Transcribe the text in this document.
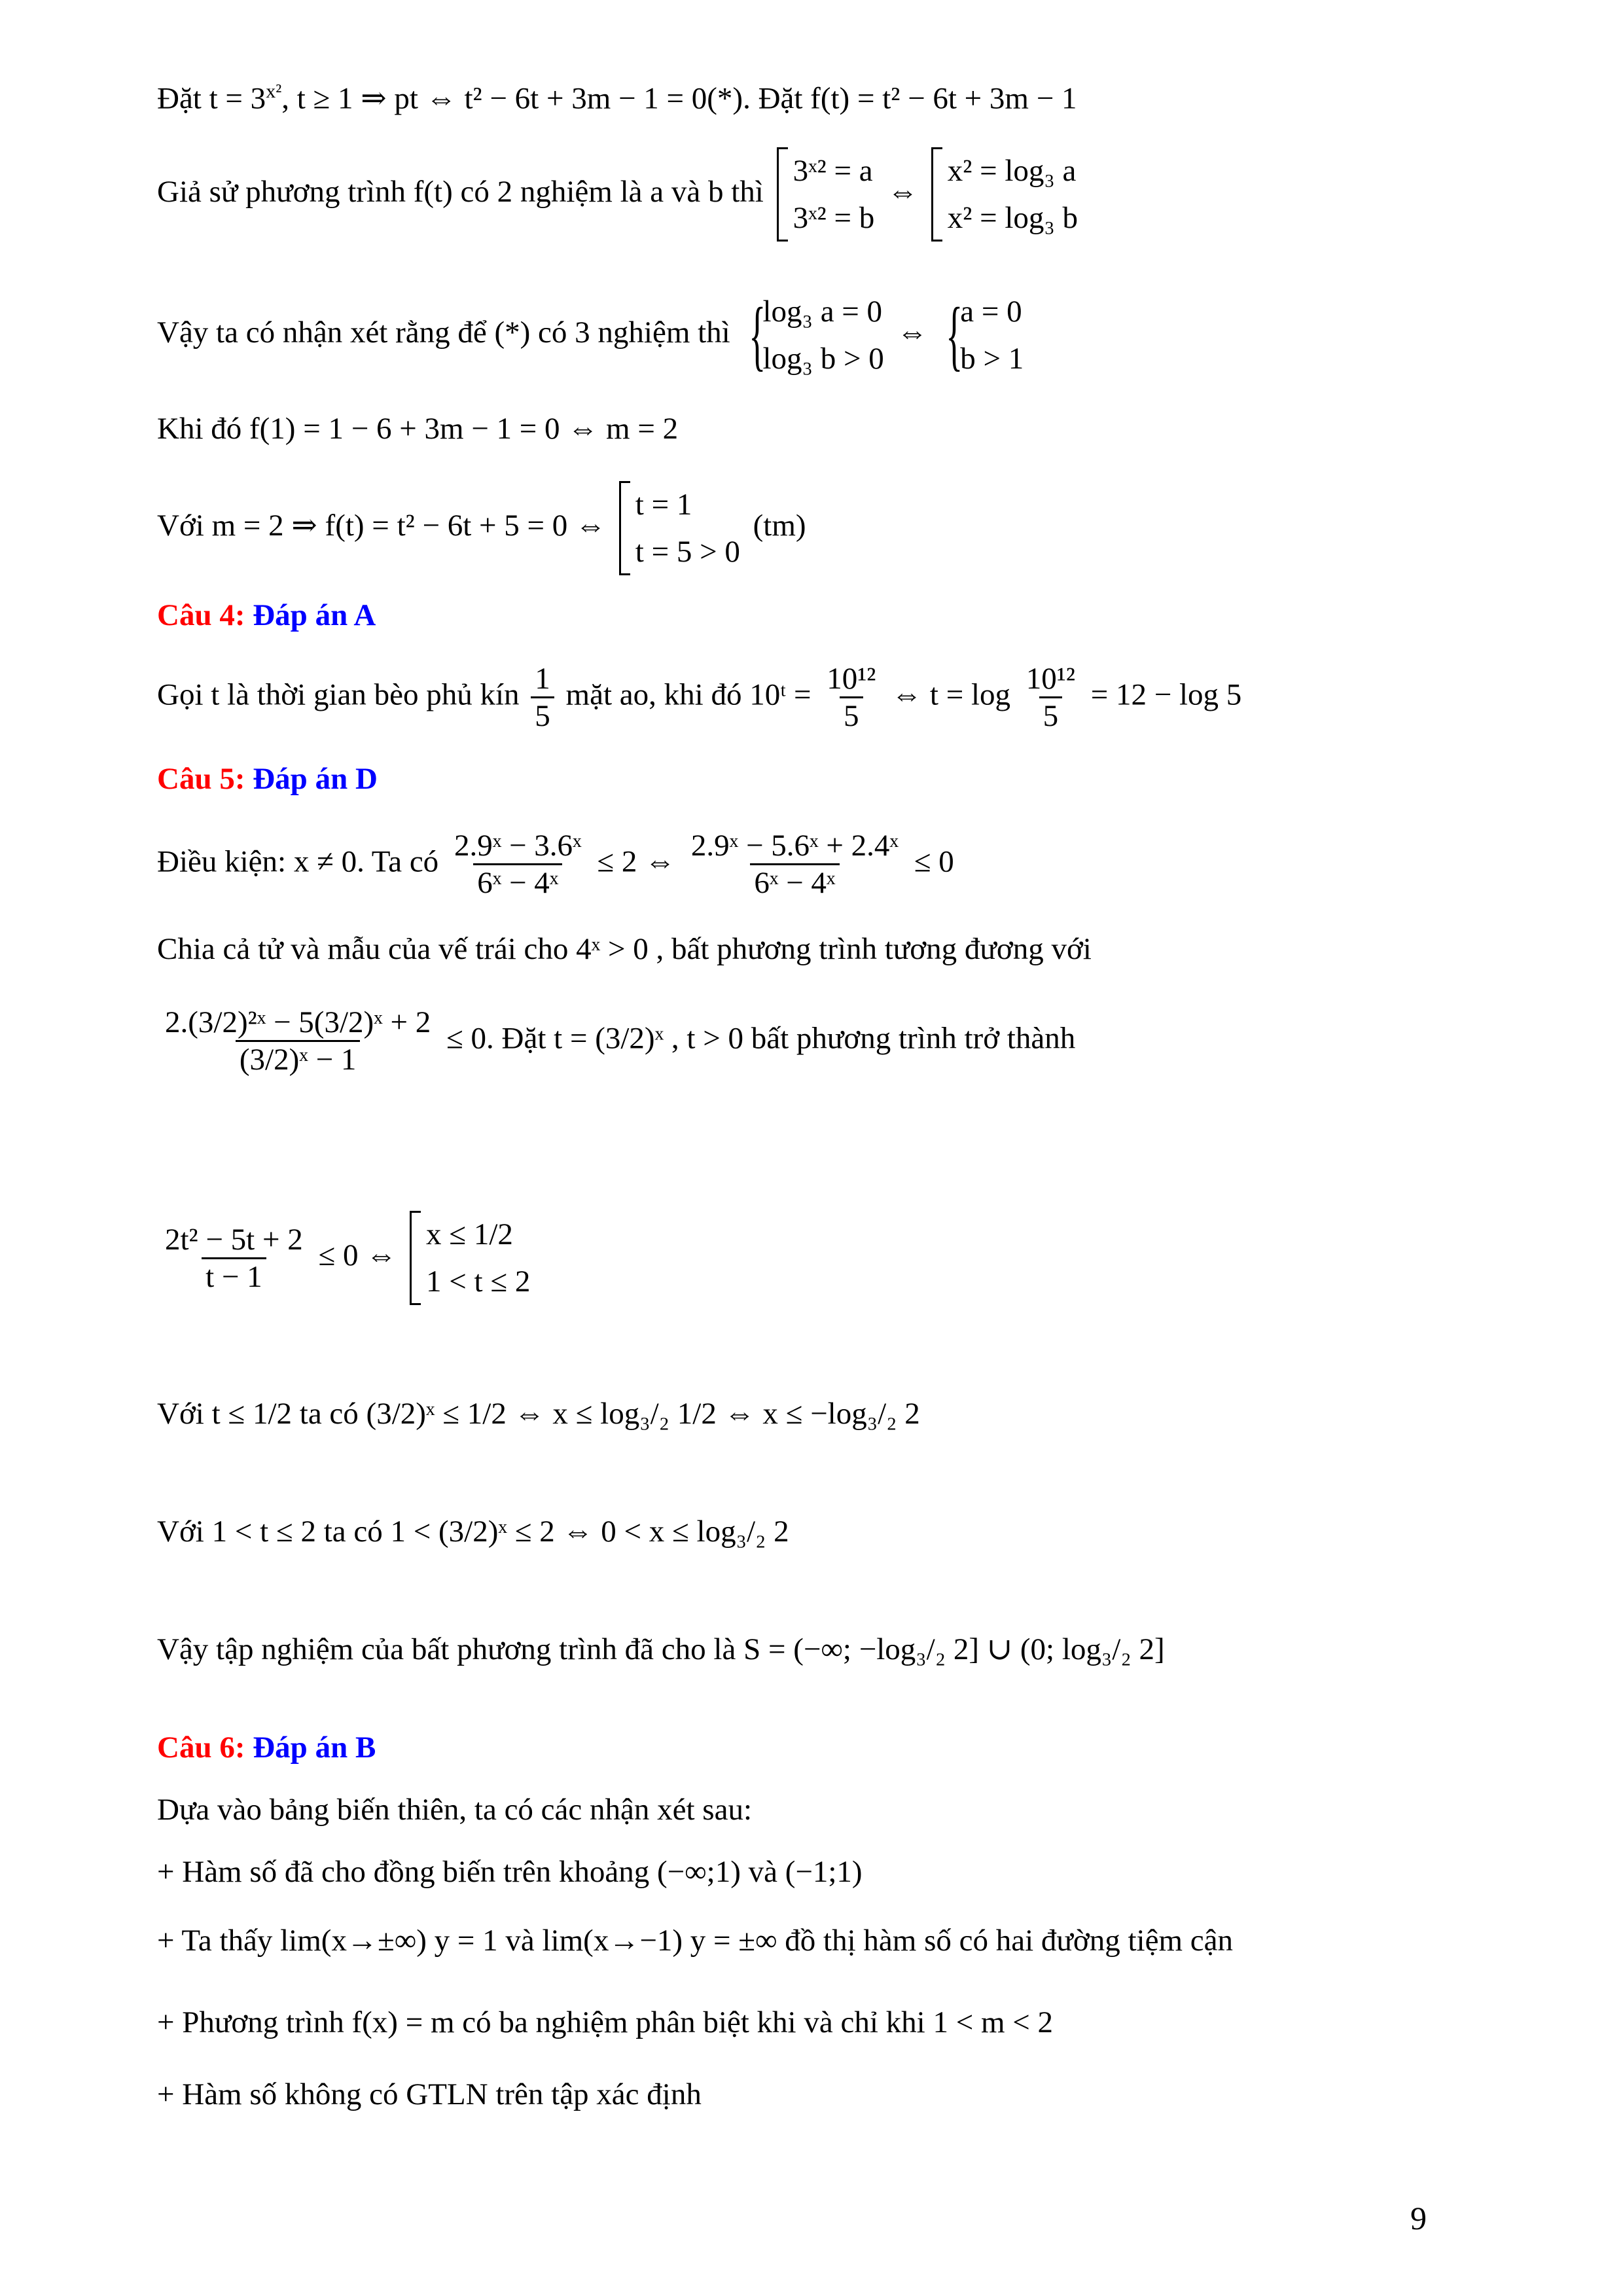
Đặt $t = 3^{x^2}$, t ≥ 1 ⇒ pt ⇔ t² − 6t + 3m − 1 = 0(*). Đặt f(t) = t² − 6t + 3m − 1
Giả sử phương trình f(t) có 2 nghiệm là a và b thì
3ˣ² = a
3ˣ² = b
⇔
x² = log₃ a
x² = log₃ b
Vậy ta có nhận xét rằng để (*) có 3 nghiệm thì {
log₃ a = 0
log₃ b > 0
⇔ {
a = 0
b > 1
Khi đó f(1) = 1 − 6 + 3m − 1 = 0 ⇔ m = 2
Với m = 2 ⇒ f(t) = t² − 6t + 5 = 0 ⇔
t = 1
t = 5 > 0
(tm)
Câu 4: Đáp án A
Gọi t là thời gian bèo phủ kín $\frac{1}{5}$ mặt ao, khi đó 10ᵗ = $\frac{\text{10¹²}}{5}$ ⇔ $t = \log \frac{\text{10¹²}}{5} = 12 - \log 5$
Câu 5: Đáp án D
Điều kiện: x ≠ 0. Ta có $\frac{\text{2.9ˣ − 3.6ˣ}}{\text{6ˣ − 4ˣ}} \le 2$ ⇔ $\frac{\text{2.9ˣ − 5.6ˣ + 2.4ˣ}}{\text{6ˣ − 4ˣ}} \le 0$
Chia cả tử và mẫu của vế trái cho 4ˣ > 0 , bất phương trình tương đương với
$\frac{\text{2.(3/2)²ˣ − 5(3/2)ˣ + 2}}{\text{(3/2)ˣ − 1}} \le 0$. Đặt t = (3/2)ˣ , t > 0 bất phương trình trở thành
$\frac{\text{2t² − 5t + 2}}{t - 1} \le 0$ ⇔
x ≤ 1/2
1 < t ≤ 2
Với t ≤ 1/2 ta có (3/2)ˣ ≤ 1/2 ⇔ x ≤ log₃/₂ 1/2 ⇔ x ≤ −log₃/₂ 2
Với 1 < t ≤ 2 ta có 1 < (3/2)ˣ ≤ 2 ⇔ 0 < x ≤ log₃/₂ 2
Vậy tập nghiệm của bất phương trình đã cho là S = (−∞; −log₃/₂ 2] ∪ (0; log₃/₂ 2]
Câu 6: Đáp án B
Dựa vào bảng biến thiên, ta có các nhận xét sau:
+ Hàm số đã cho đồng biến trên khoảng (−∞;1) và (−1;1)
+ Ta thấy lim(x→±∞) y = 1 và lim(x→−1) y = ±∞ đồ thị hàm số có hai đường tiệm cận
+ Phương trình f(x) = m có ba nghiệm phân biệt khi và chỉ khi 1 < m < 2
+ Hàm số không có GTLN trên tập xác định
9
